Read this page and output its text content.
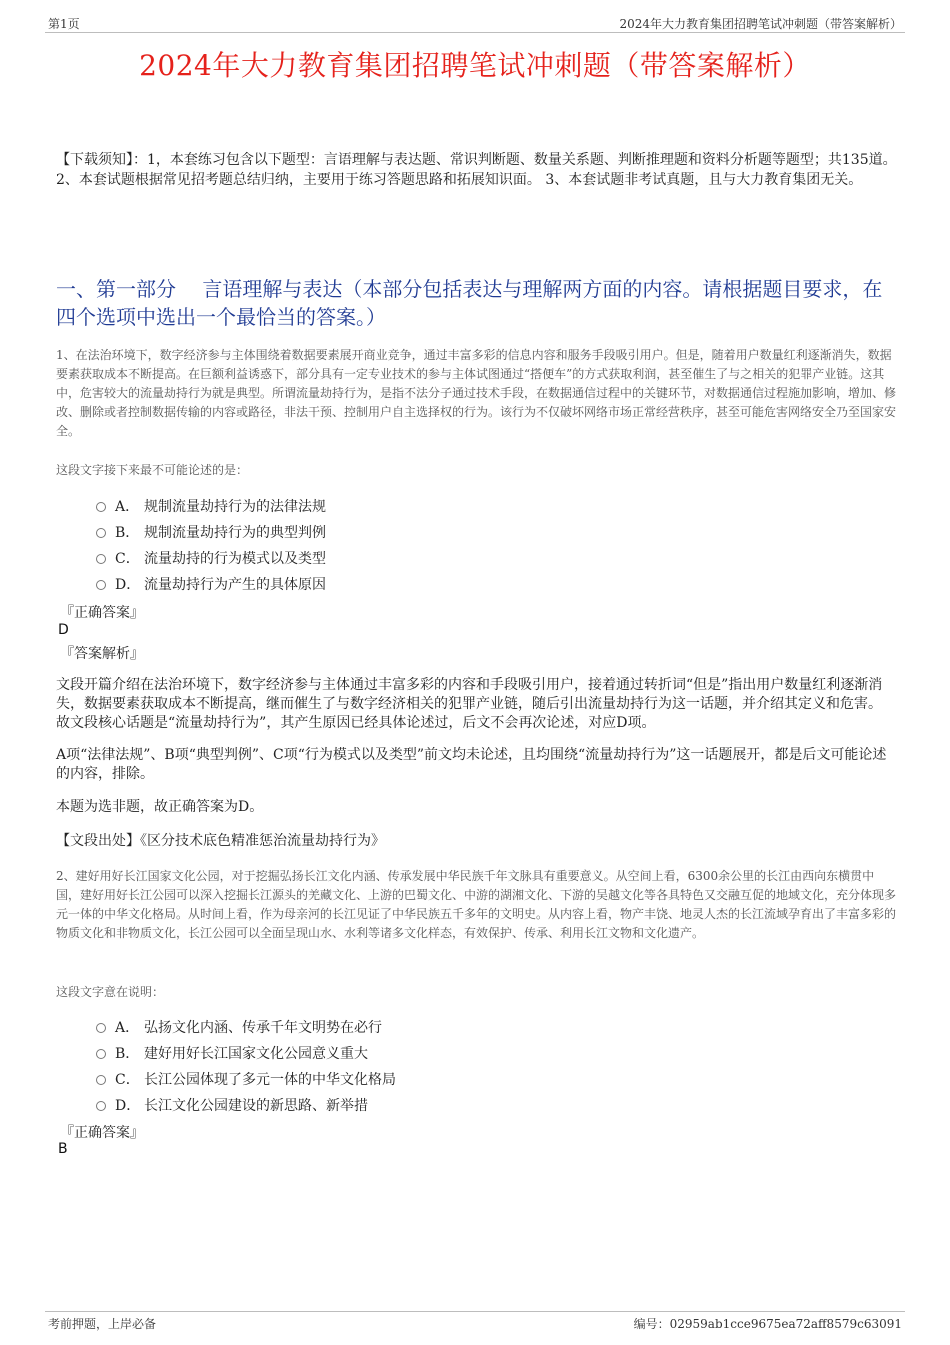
第1页	2024年大力教育集团招聘笔试冲刺题（带答案解析）
2024年大力教育集团招聘笔试冲刺题（带答案解析）
【下载须知】：1，本套练习包含以下题型：言语理解与表达题、常识判断题、数量关系题、判断推理题和资料分析题等题型；共135道。 2、本套试题根据常见招考题总结归纳，主要用于练习答题思路和拓展知识面。 3、本套试题非考试真题，且与大力教育集团无关。
一、第一部分　 言语理解与表达（本部分包括表达与理解两方面的内容。请根据题目要求，在四个选项中选出一个最恰当的答案。）
1、在法治环境下，数字经济参与主体围绕着数据要素展开商业竞争，通过丰富多彩的信息内容和服务手段吸引用户。但是，随着用户数量红利逐渐消失，数据要素获取成本不断提高。在巨额利益诱惑下，部分具有一定专业技术的参与主体试图通过“搭便车”的方式获取利润，甚至催生了与之相关的犯罪产业链。这其中，危害较大的流量劫持行为就是典型。所谓流量劫持行为，是指不法分子通过技术手段，在数据通信过程中的关键环节，对数据通信过程施加影响，增加、修改、删除或者控制数据传输的内容或路径，非法干预、控制用户自主选择权的行为。该行为不仅破坏网络市场正常经营秩序，甚至可能危害网络安全乃至国家安全。
这段文字接下来最不可能论述的是：
A． 规制流量劫持行为的法律法规
B． 规制流量劫持行为的典型判例
C． 流量劫持的行为模式以及类型
D． 流量劫持行为产生的具体原因
『正确答案』
D
『答案解析』
文段开篇介绍在法治环境下，数字经济参与主体通过丰富多彩的内容和手段吸引用户，接着通过转折词“但是”指出用户数量红利逐渐消失，数据要素获取成本不断提高，继而催生了与数字经济相关的犯罪产业链，随后引出流量劫持行为这一话题，并介绍其定义和危害。故文段核心话题是“流量劫持行为”，其产生原因已经具体论述过，后文不会再次论述，对应D项。
A项“法律法规”、B项“典型判例”、C项“行为模式以及类型”前文均未论述，且均围绕“流量劫持行为”这一话题展开，都是后文可能论述的内容，排除。
本题为选非题，故正确答案为D。
【文段出处】《区分技术底色精准惩治流量劫持行为》
2、建好用好长江国家文化公园，对于挖掘弘扬长江文化内涵、传承发展中华民族千年文脉具有重要意义。从空间上看，6300余公里的长江由西向东横贯中国，建好用好长江公园可以深入挖掘长江源头的羌藏文化、上游的巴蜀文化、中游的湖湘文化、下游的吴越文化等各具特色又交融互促的地域文化，充分体现多元一体的中华文化格局。从时间上看，作为母亲河的长江见证了中华民族五千多年的文明史。从内容上看，物产丰饶、地灵人杰的长江流域孕育出了丰富多彩的物质文化和非物质文化，长江公园可以全面呈现山水、水利等诸多文化样态，有效保护、传承、利用长江文物和文化遗产。
这段文字意在说明：
A． 弘扬文化内涵、传承千年文明势在必行
B． 建好用好长江国家文化公园意义重大
C． 长江公园体现了多元一体的中华文化格局
D． 长江文化公园建设的新思路、新举措
『正确答案』
B
考前押题，上岸必备	编号：02959ab1cce9675ea72aff8579c63091
